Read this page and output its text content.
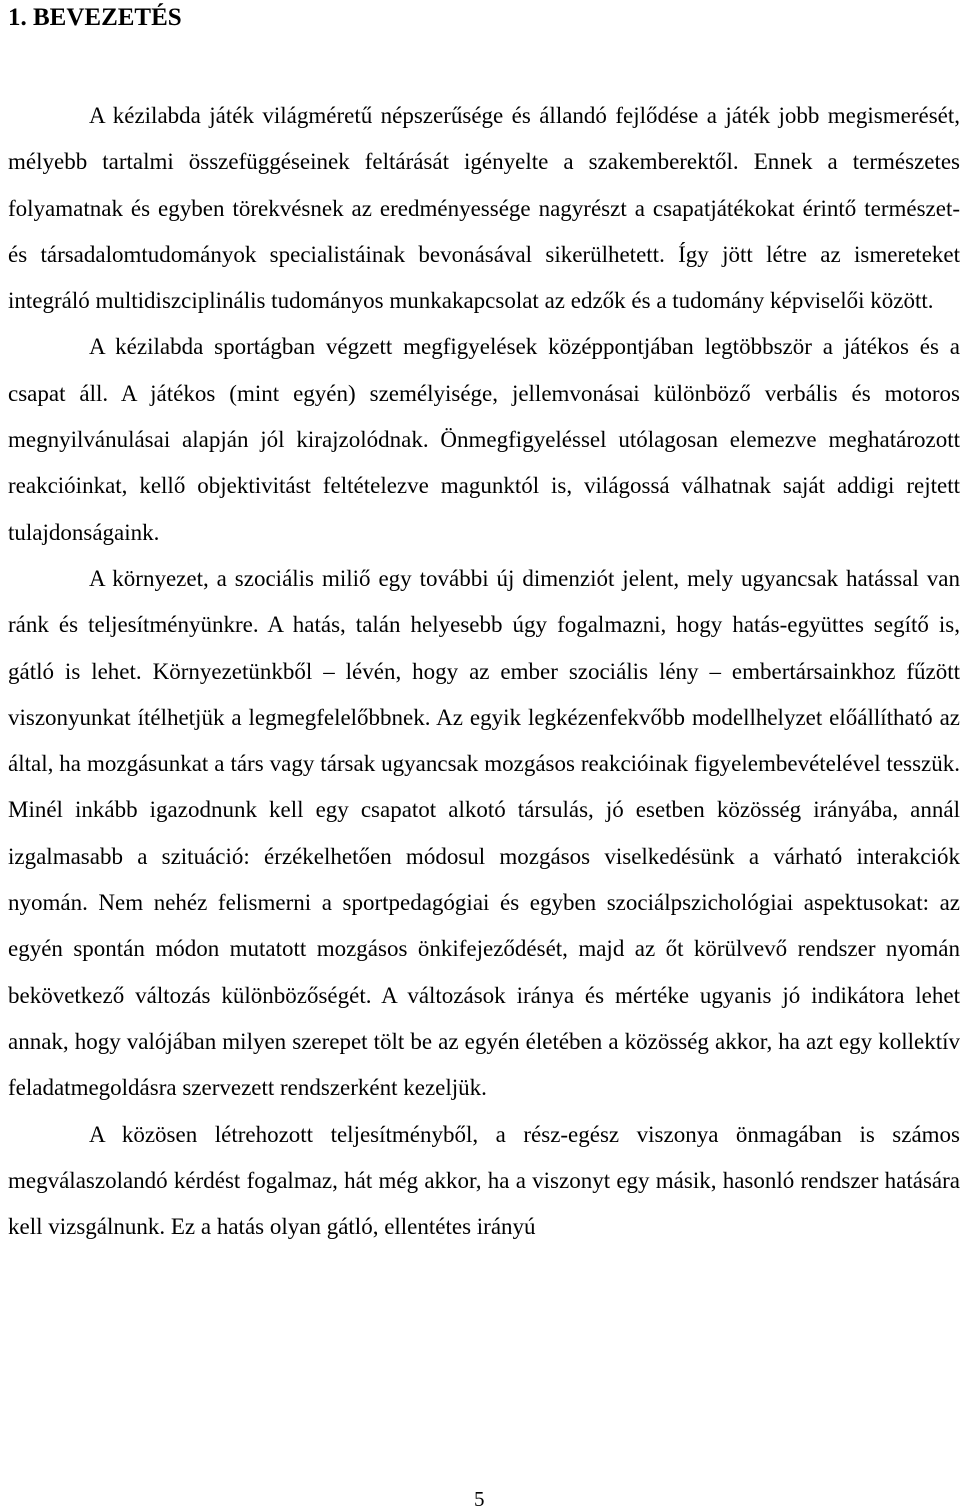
1. BEVEZETÉS

A kézilabda játék világméretű népszerűsége és állandó fejlődése a játék jobb megismerését, mélyebb tartalmi összefüggéseinek feltárását igényelte a szakemberektől. Ennek a természetes folyamatnak és egyben törekvésnek az eredményessége nagyrészt a csapatjátékokat érintő természet- és társadalomtudományok specialistáinak bevonásával sikerülhetett. Így jött létre az ismereteket integráló multidiszciplinális tudományos munkakapcsolat az edzők és a tudomány képviselői között.

A kézilabda sportágban végzett megfigyelések középpontjában legtöbbször a játékos és a csapat áll. A játékos (mint egyén) személyisége, jellemvonásai különböző verbális és motoros megnyilvánulásai alapján jól kirajzolódnak. Önmegfigyeléssel utólagosan elemezve meghatározott reakcióinkat, kellő objektivitást feltételezve magunktól is, világossá válhatnak saját addigi rejtett tulajdonságaink.

A környezet, a szociális miliő egy további új dimenziót jelent, mely ugyancsak hatással van ránk és teljesítményünkre. A hatás, talán helyesebb úgy fogalmazni, hogy hatás-együttes segítő is, gátló is lehet. Környezetünkből – lévén, hogy az ember szociális lény – embertársainkhoz fűzött viszonyunkat ítélhetjük a legmegfelelőbbnek. Az egyik legkézenfekvőbb modellhelyzet előállítható az által, ha mozgásunkat a társ vagy társak ugyancsak mozgásos reakcióinak figyelembevételével tesszük. Minél inkább igazodnunk kell egy csapatot alkotó társulás, jó esetben közösség irányába, annál izgalmasabb a szituáció: érzékelhetően módosul mozgásos viselkedésünk a várható interakciók nyomán. Nem nehéz felismerni a sportpedagógiai és egyben szociálpszichológiai aspektusokat: az egyén spontán módon mutatott mozgásos önkifejeződését, majd az őt körülvevő rendszer nyomán bekövetkező változás különbözőségét. A változások iránya és mértéke ugyanis jó indikátora lehet annak, hogy valójában milyen szerepet tölt be az egyén életében a közösség akkor, ha azt egy kollektív feladatmegoldásra szervezett rendszerként kezeljük.

A közösen létrehozott teljesítményből, a rész-egész viszonya önmagában is számos megválaszolandó kérdést fogalmaz, hát még akkor, ha a viszonyt egy másik, hasonló rendszer hatására kell vizsgálnunk. Ez a hatás olyan gátló, ellentétes irányú

5
